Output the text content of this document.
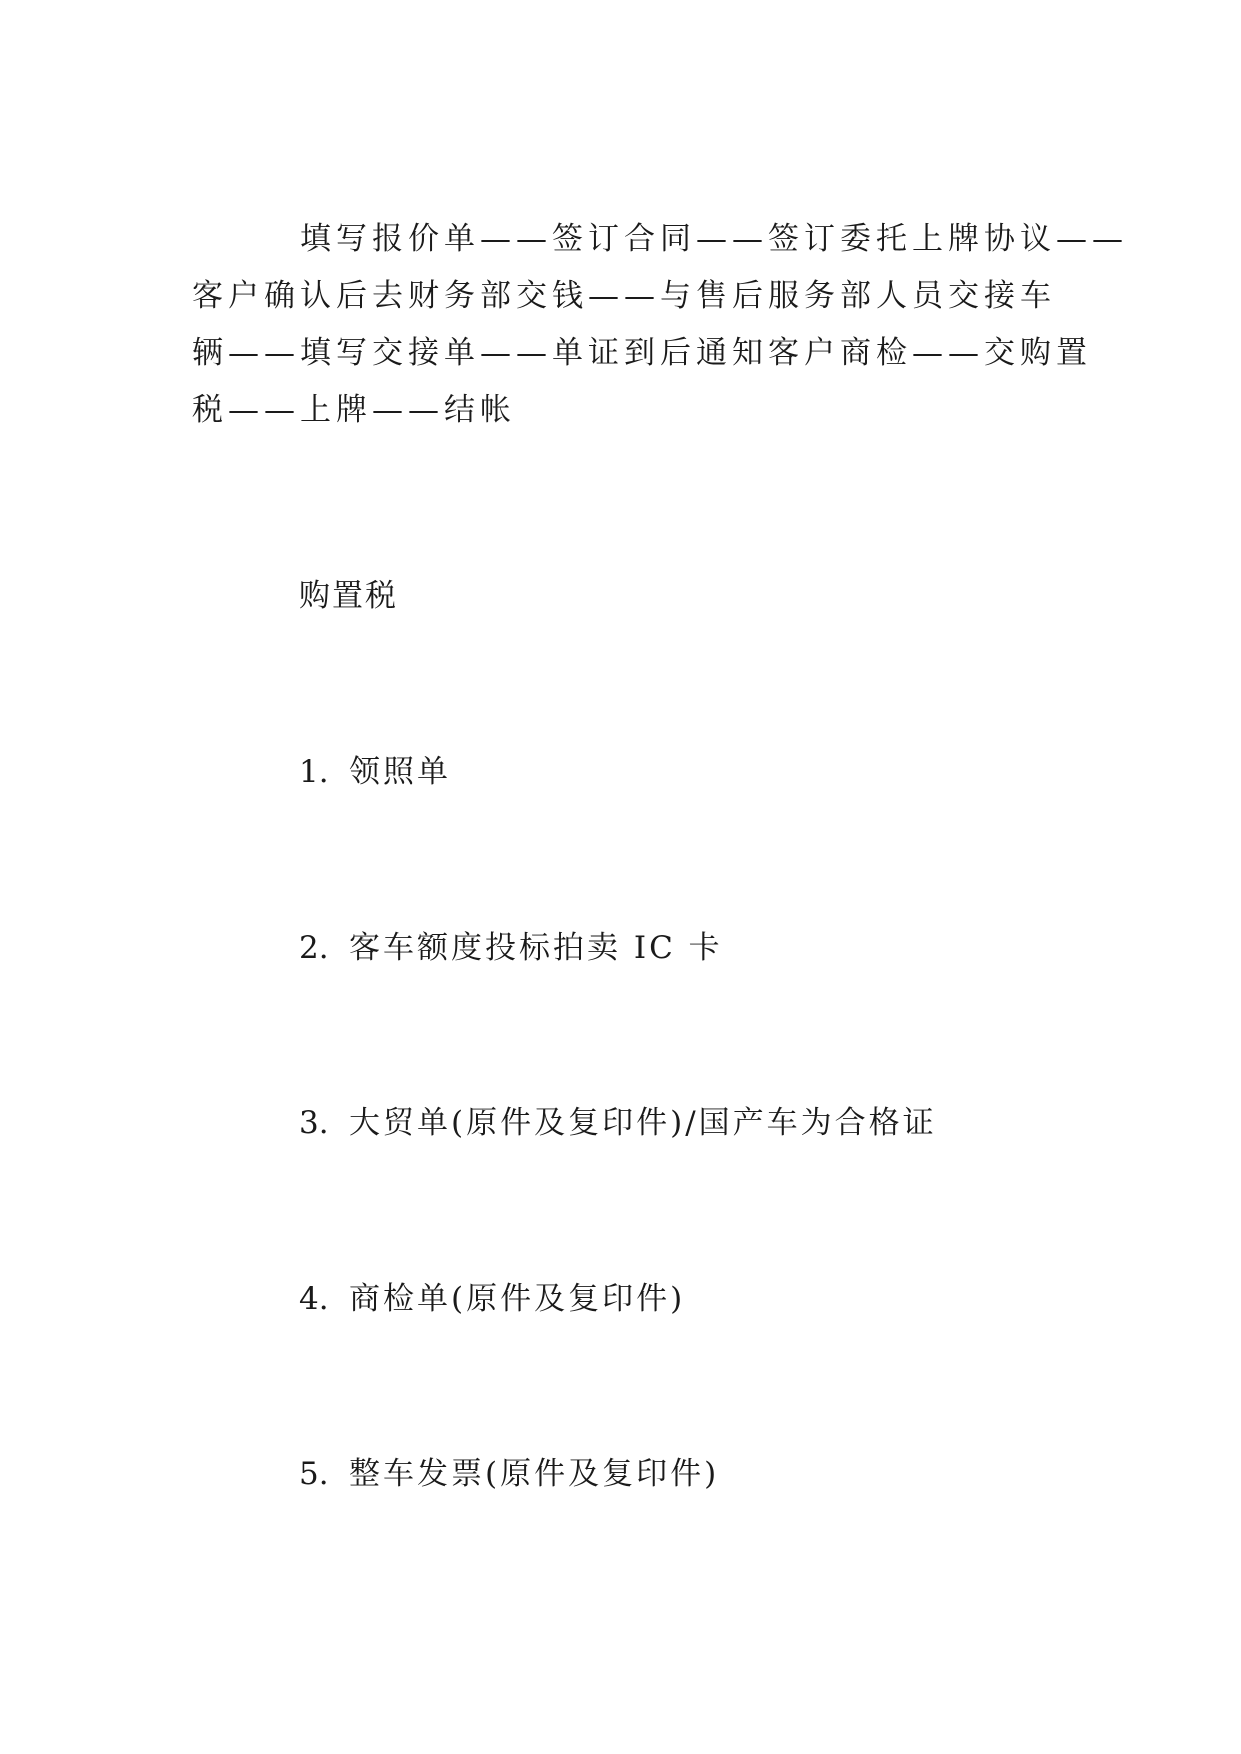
填写报价单——签订合同——签订委托上牌协议——
客户确认后去财务部交钱——与售后服务部人员交接车
辆——填写交接单——单证到后通知客户商检——交购置
税——上牌——结帐
购置税
1. 领照单
2. 客车额度投标拍卖 IC 卡
3. 大贸单(原件及复印件)/国产车为合格证
4. 商检单(原件及复印件)
5. 整车发票(原件及复印件)
